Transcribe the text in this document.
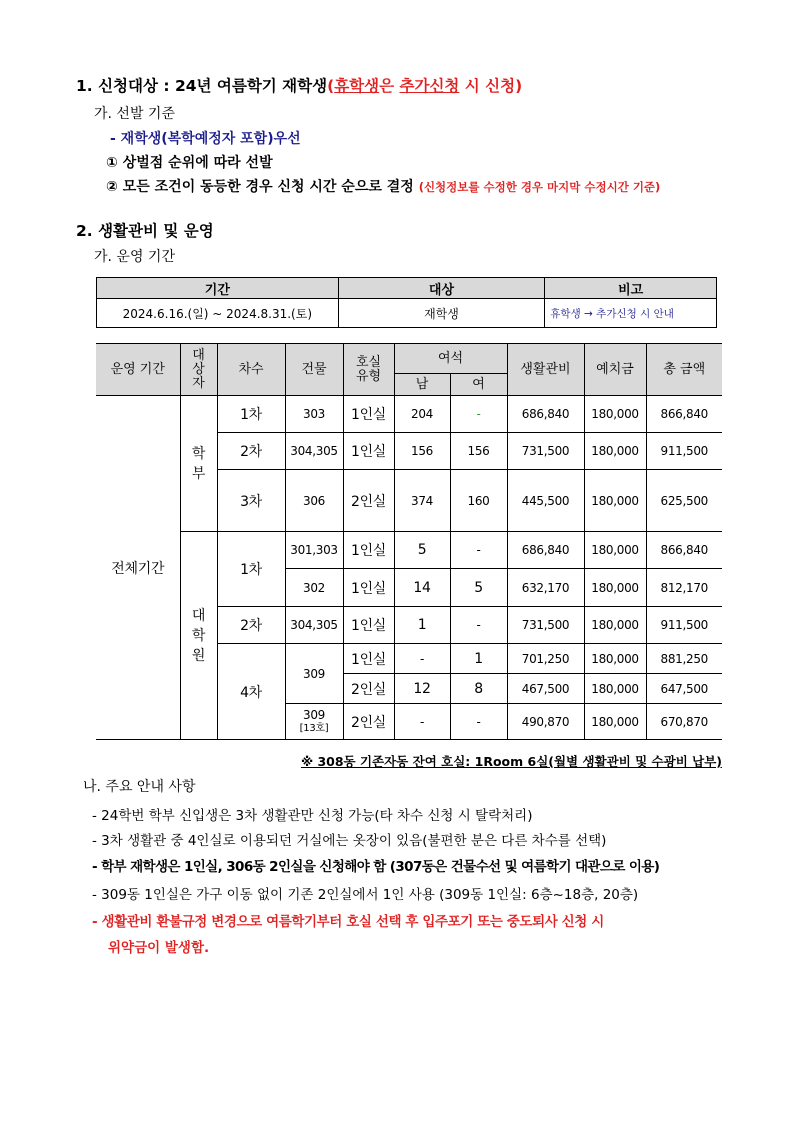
1. 신청대상 : 24년 여름학기 재학생(휴학생은 추가신청 시 신청)
가. 선발 기준
- 재학생(복학예정자 포함)우선
① 상벌점 순위에 따라 선발
② 모든 조건이 동등한 경우 신청 시간 순으로 결정 (신청정보를 수정한 경우 마지막 수정시간 기준)
2. 생활관비 및 운영
가. 운영 기간
기간	대상	비고
2024.6.16.(일) ~ 2024.8.31.(토)	재학생	휴학생 → 추가신청 시 안내
운영 기간	대상자	차수	건물	호실유형	여석		생활관비	예치금	총 금액
					남	여			
전체기간	학부	1차	303	1인실	204	-	686,840	180,000	866,840
		2차	304,305	1인실	156	156	731,500	180,000	911,500
		3차	306	2인실	374	160	445,500	180,000	625,500

	대학원	1차	301,303	1인실	5	-	686,840	180,000	866,840
			302	1인실	14	5	632,170	180,000	812,170
		2차	304,305	1인실	1	-	731,500	180,000	911,500
		4차	309	1인실	-	1	701,250	180,000	881,250
				2인실	12	8	467,500	180,000	647,500

			309
[13호]	2인실	-	-	490,870	180,000	670,870
※ 308동 기존자동 잔여 호실: 1Room 6실(월별 생활관비 및 수광비 납부)
나. 주요 안내 사항
- 24학번 학부 신입생은 3차 생활관만 신청 가능(타 차수 신청 시 탈락처리)
- 3차 생활관 중 4인실로 이용되던 거실에는 옷장이 있음(불편한 분은 다른 차수를 선택)
- 학부 재학생은 1인실, 306동 2인실을 신청해야 함 (307동은 건물수선 및 여름학기 대관으로 이용)
- 309동 1인실은 가구 이동 없이 기존 2인실에서 1인 사용 (309동 1인실: 6층~18층, 20층)
- 생활관비 환불규정 변경으로 여름학기부터 호실 선택 후 입주포기 또는 중도퇴사 신청 시
위약금이 발생함.
